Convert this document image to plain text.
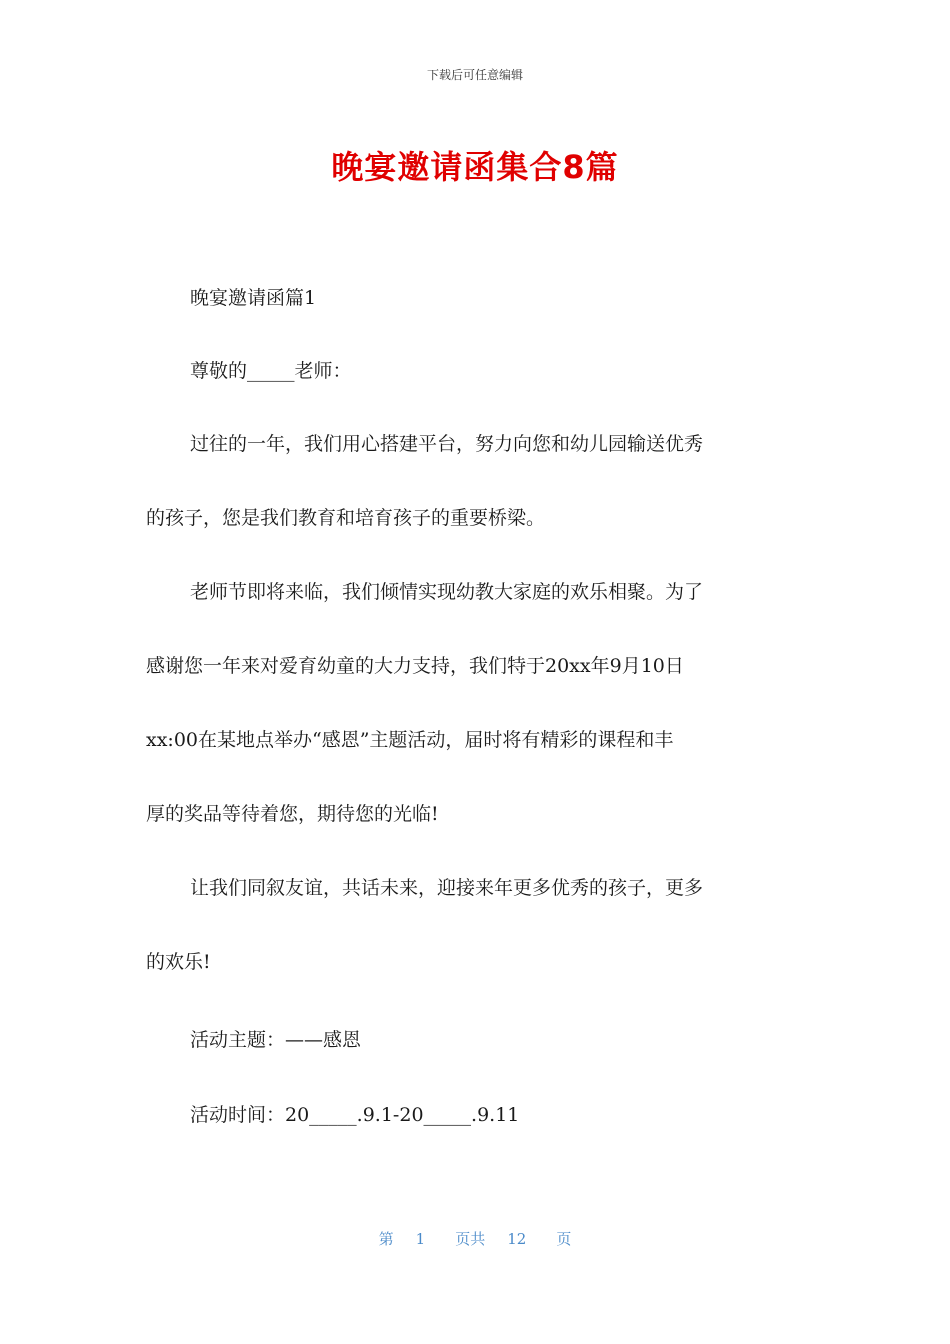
下载后可任意编辑
晚宴邀请函集合8篇
晚宴邀请函篇1
尊敬的_____老师：
过往的一年，我们用心搭建平台，努力向您和幼儿园输送优秀
的孩子，您是我们教育和培育孩子的重要桥梁。
老师节即将来临，我们倾情实现幼教大家庭的欢乐相聚。为了
感谢您一年来对爱育幼童的大力支持，我们特于20xx年9月10日
xx:00在某地点举办“感恩”主题活动，届时将有精彩的课程和丰
厚的奖品等待着您，期待您的光临!
让我们同叙友谊，共话未来，迎接来年更多优秀的孩子，更多
的欢乐!
活动主题：——感恩
活动时间：20_____.9.1-20_____.9.11
第 1 页共 12 页
